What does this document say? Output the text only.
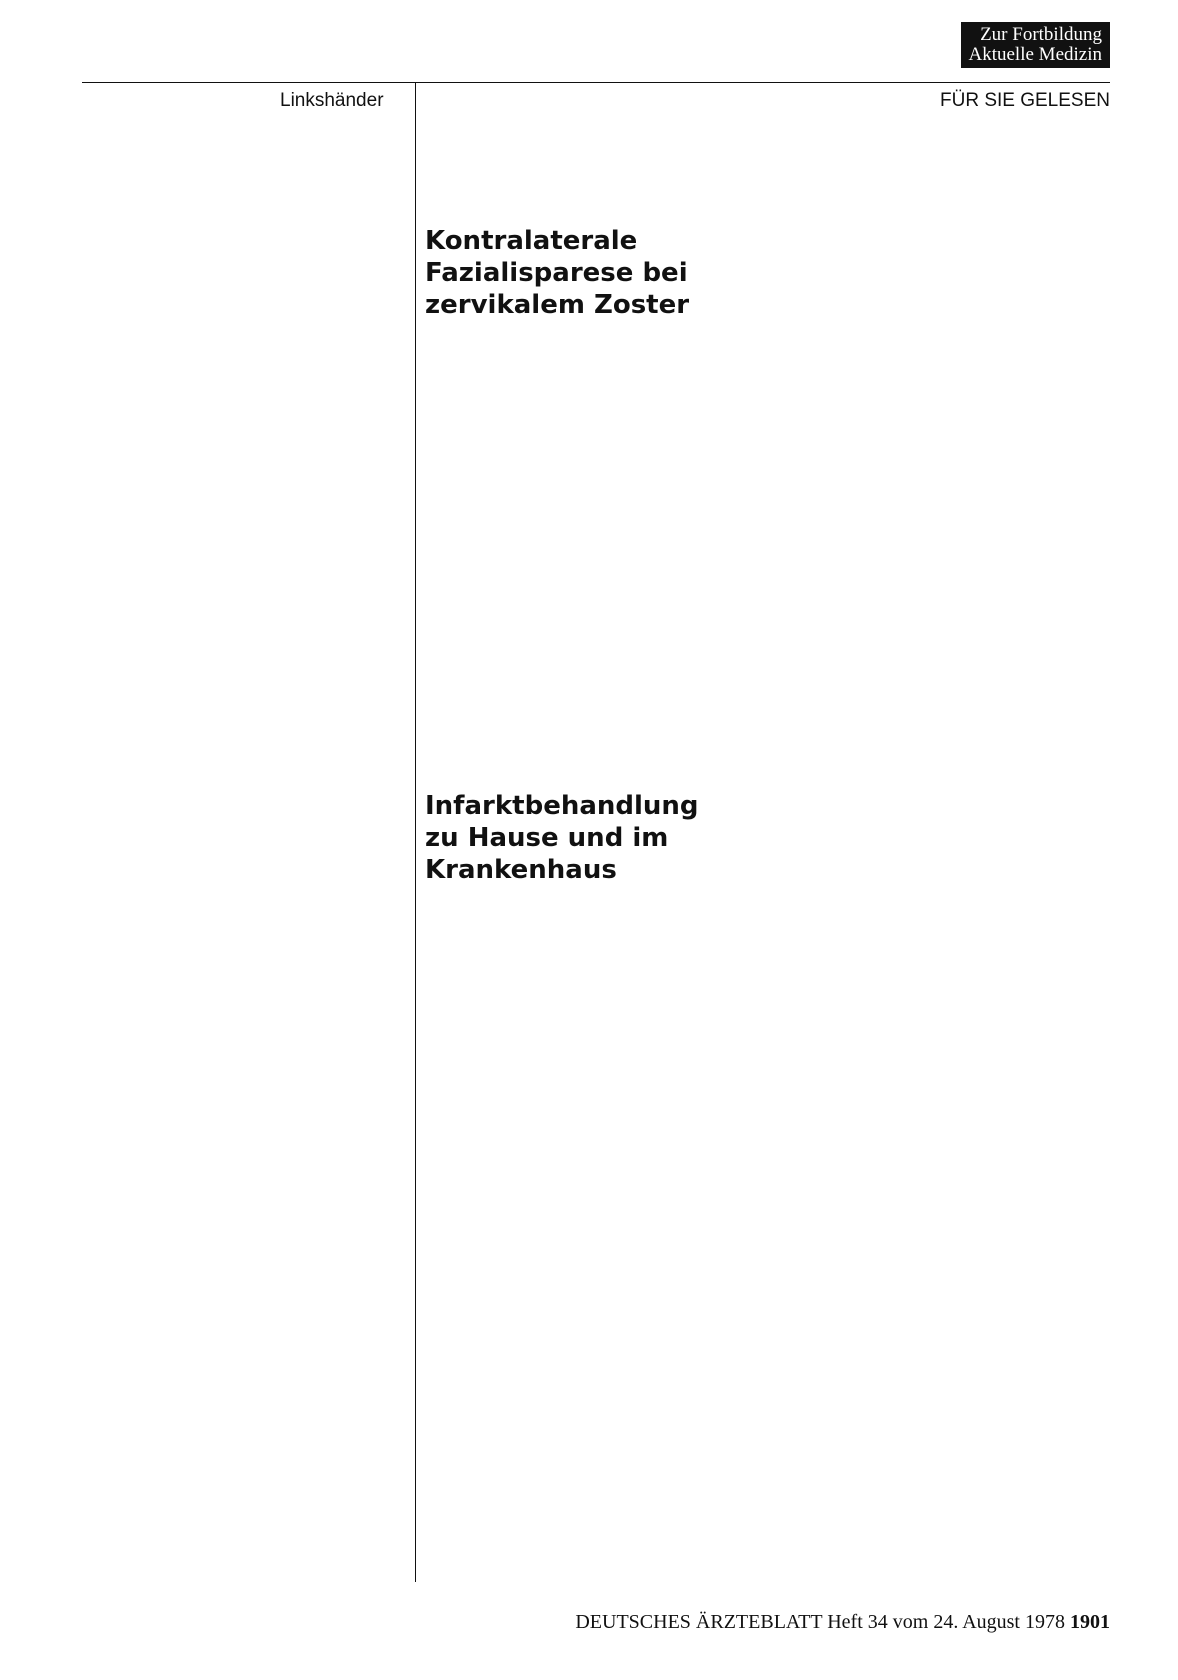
Zur Fortbildung
Aktuelle Medizin
Linkshänder	FÜR SIE GELESEN
Kontralaterale Fazialisparese bei zervikalem Zoster
Infarktbehandlung zu Hause und im Krankenhaus
DEUTSCHES ÄRZTEBLATT Heft 34 vom 24. August 1978 1901
